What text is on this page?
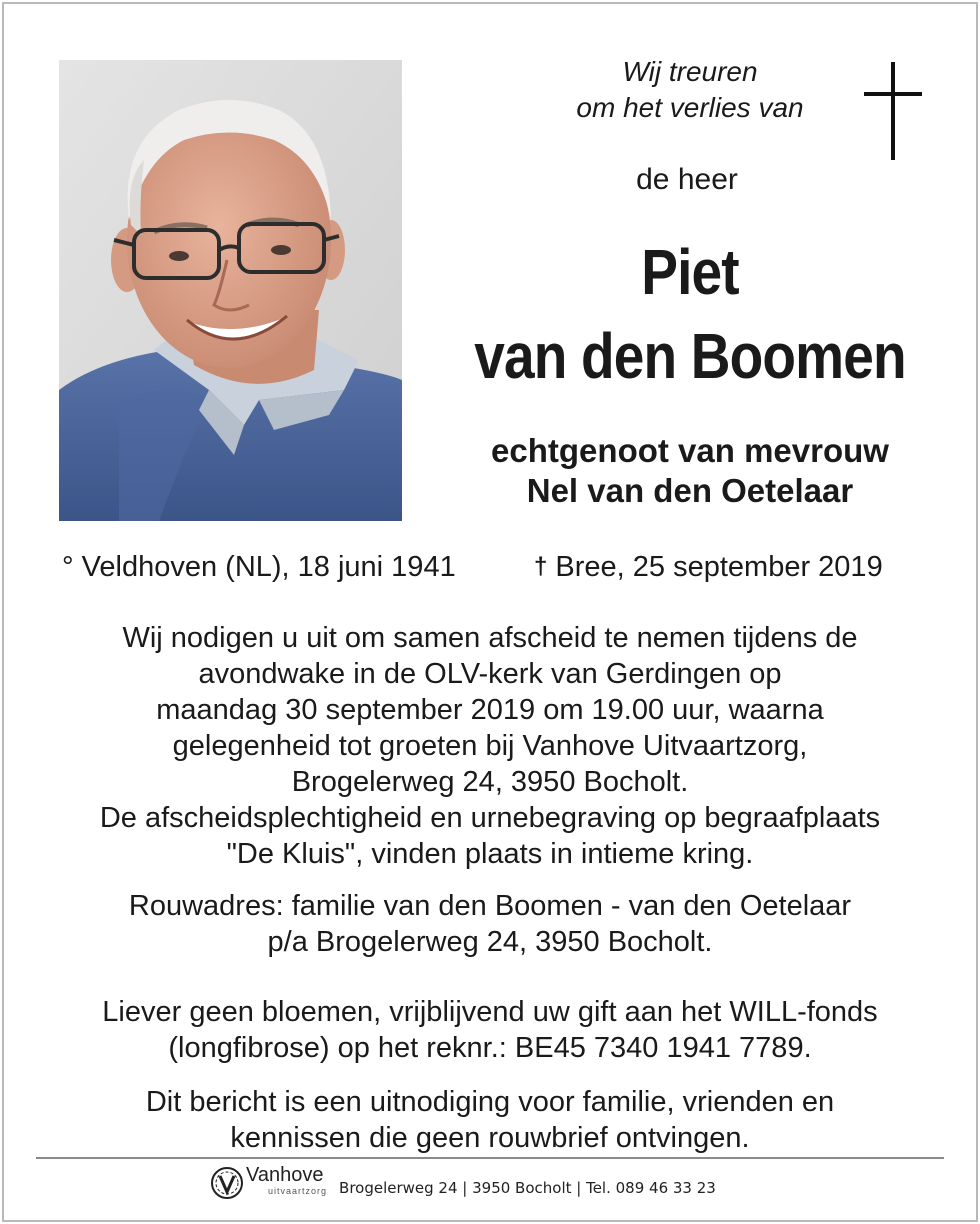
Wij treuren
om het verlies van
de heer
Piet
van den Boomen
echtgenoot van mevrouw
Nel van den Oetelaar
° Veldhoven (NL), 18 juni 1941	† Bree, 25 september 2019
Wij nodigen u uit om samen afscheid te nemen tijdens de
avondwake in de OLV-kerk van Gerdingen op
maandag 30 september 2019 om 19.00 uur, waarna
gelegenheid tot groeten bij Vanhove Uitvaartzorg,
Brogelerweg 24, 3950 Bocholt.
De afscheidsplechtigheid en urnebegraving op begraafplaats
"De Kluis", vinden plaats in intieme kring.
Rouwadres: familie van den Boomen - van den Oetelaar
p/a Brogelerweg 24, 3950 Bocholt.
Liever geen bloemen, vrijblijvend uw gift aan het WILL-fonds
(longfibrose) op het reknr.: BE45 7340 1941 7789.
Dit bericht is een uitnodiging voor familie, vrienden en
kennissen die geen rouwbrief ontvingen.
Vanhove
uitvaartzorg Brogelerweg 24 | 3950 Bocholt | Tel. 089 46 33 23
